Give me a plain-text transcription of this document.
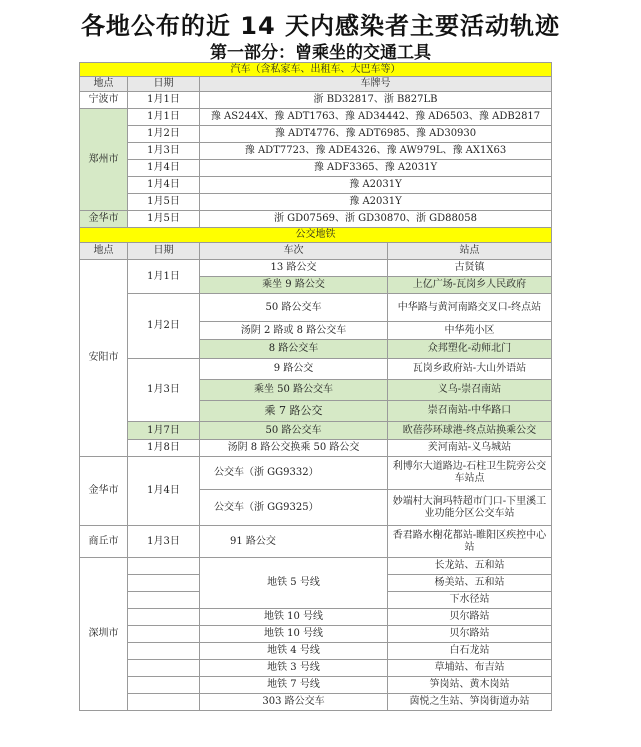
各地公布的近 14 天内感染者主要活动轨迹
第一部分：曾乘坐的交通工具
汽车（含私家车、出租车、大巴车等）			
地点	日期	车牌号	
宁波市	1月1日	浙 BD32817、浙 B827LB	
郑州市	1月1日	豫 AS244X、豫 ADT1763、豫 AD34442、豫 AD6503、豫 ADB2817	
	1月2日	豫 ADT4776、豫 ADT6985、豫 AD30930	
	1月3日	豫 ADT7723、豫 ADE4326、豫 AW979L、豫 AX1X63	
	1月4日	豫 ADF3365、豫 A2031Y	
	1月4日	豫 A2031Y	
	1月5日	豫 A2031Y	
金华市	1月5日	浙 GD07569、浙 GD30870、浙 GD88058	
公交地铁			
地点	日期	车次	站点
安阳市	1月1日	13 路公交	古贤镇
		乘坐 9 路公交	上亿广场-瓦岗乡人民政府
	1月2日	50 路公交车	中华路与黄河南路交叉口-终点站
		汤阴 2 路或 8 路公交车	中华苑小区
		8 路公交车	众邦塑化-动师北门
	1月3日	9 路公交	瓦岗乡政府站-大山外语站
		乘坐 50 路公交车	义乌-崇召南站
		乘 7 路公交	崇召南站-中华路口
	1月7日	50 路公交车	欧蓓莎环球港-终点站换乘公交
	1月8日	汤阴 8 路公交换乘 50 路公交	羑河南站-义乌城站
金华市	1月4日	公交车（浙 GG9332）	利博尔大道路边-石柱卫生院旁公交车站点
		公交车（浙 GG9325）	妙端村大涧玛特超市门口-下里溪工业功能分区公交车站
商丘市	1月3日	91 路公交	香君路水榭花都站-睢阳区疾控中心站
深圳市		地铁 5 号线	长龙站、五和站
			杨美站、五和站
			下水径站
		地铁 10 号线	贝尔路站
		地铁 10 号线	贝尔路站
		地铁 4 号线	白石龙站
		地铁 3 号线	草埔站、布吉站
		地铁 7 号线	笋岗站、黄木岗站
		303 路公交车	茵悦之生站、笋岗街道办站
